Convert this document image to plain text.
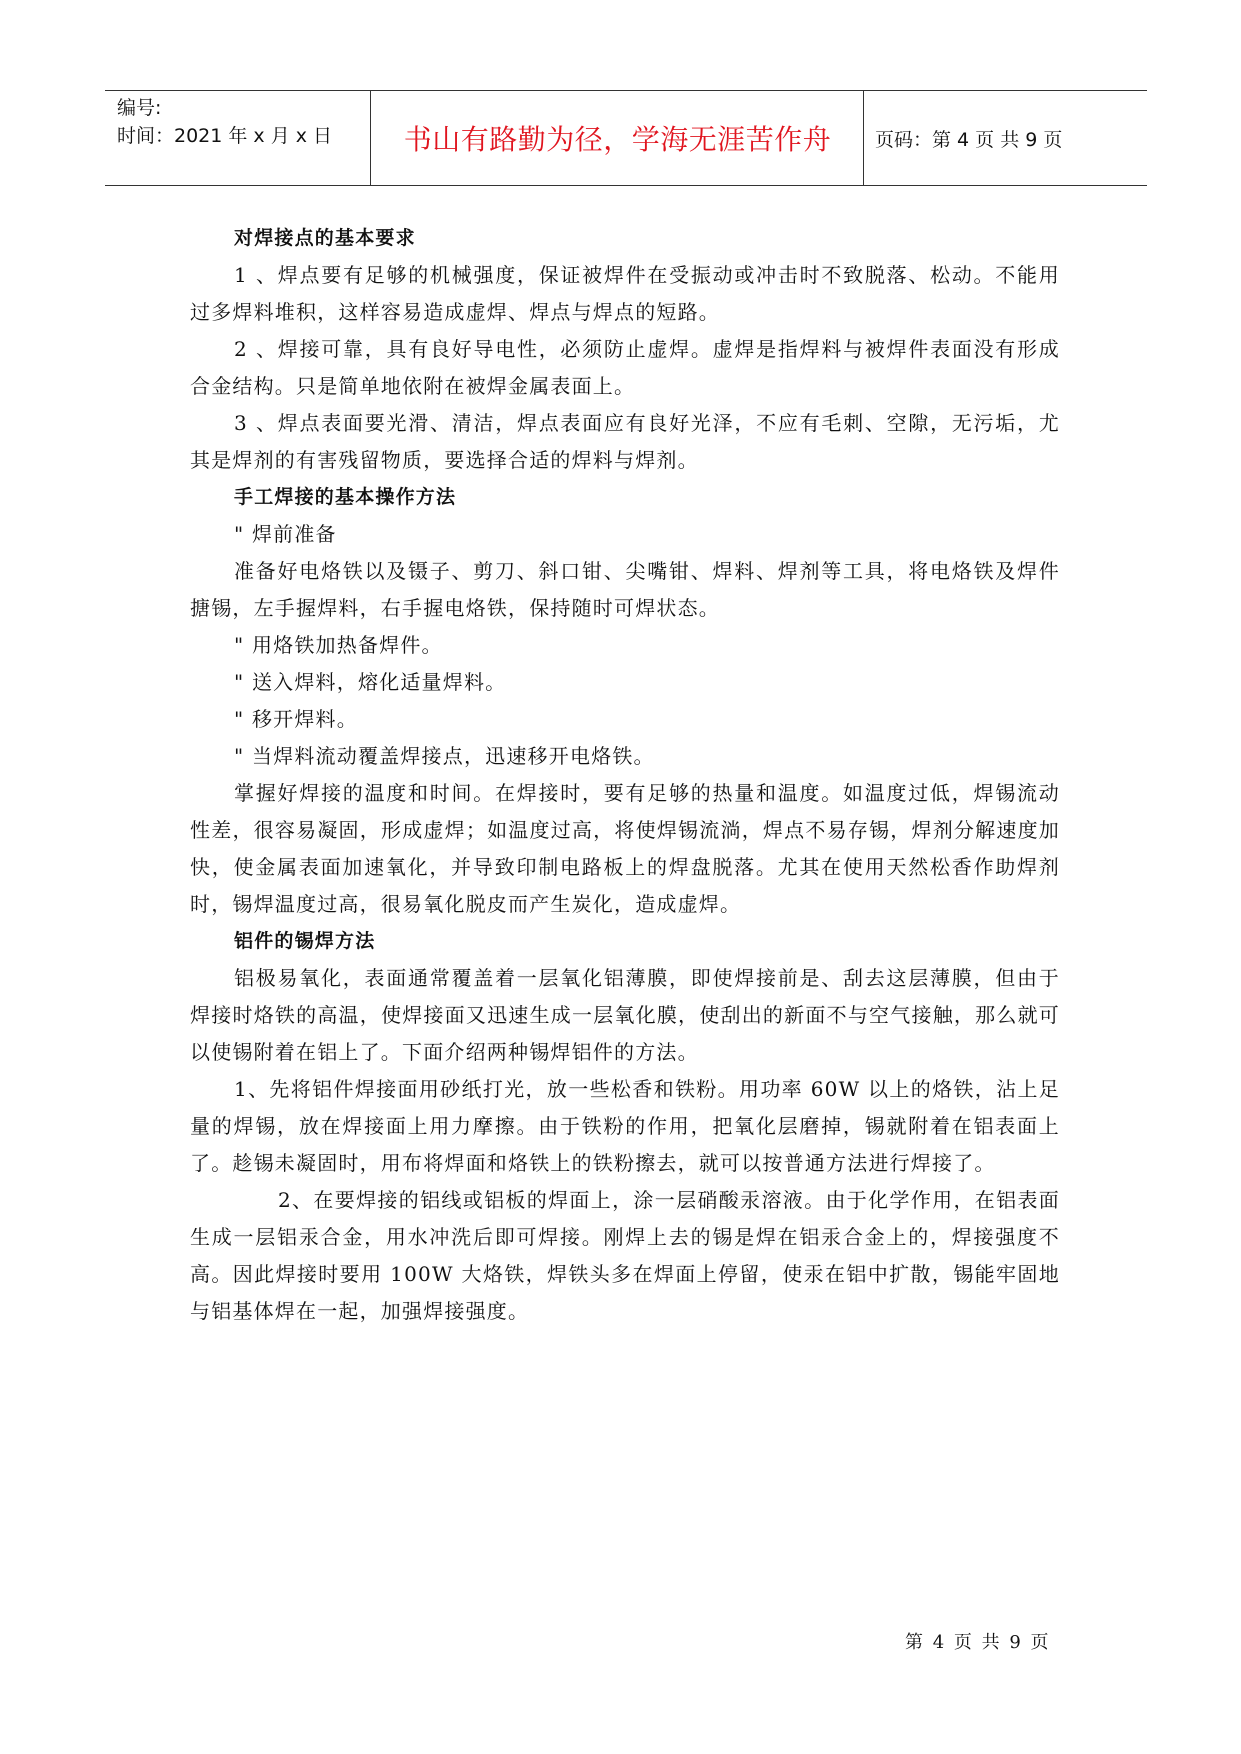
编号:
时间：2021 年 x 月 x 日	书山有路勤为径，学海无涯苦作舟	页码：第 4 页 共 9 页

对焊接点的基本要求

1 、焊点要有足够的机械强度，保证被焊件在受振动或冲击时不致脱落、松动。不能用过多焊料堆积，这样容易造成虚焊、焊点与焊点的短路。

2 、焊接可靠，具有良好导电性，必须防止虚焊。虚焊是指焊料与被焊件表面没有形成合金结构。只是简单地依附在被焊金属表面上。

3 、焊点表面要光滑、清洁，焊点表面应有良好光泽，不应有毛刺、空隙，无污垢，尤其是焊剂的有害残留物质，要选择合适的焊料与焊剂。

手工焊接的基本操作方法

" 焊前准备

准备好电烙铁以及镊子、剪刀、斜口钳、尖嘴钳、焊料、焊剂等工具，将电烙铁及焊件搪锡，左手握焊料，右手握电烙铁，保持随时可焊状态。

" 用烙铁加热备焊件。

" 送入焊料，熔化适量焊料。

" 移开焊料。

" 当焊料流动覆盖焊接点，迅速移开电烙铁。

掌握好焊接的温度和时间。在焊接时，要有足够的热量和温度。如温度过低，焊锡流动性差，很容易凝固，形成虚焊；如温度过高，将使焊锡流淌，焊点不易存锡，焊剂分解速度加快，使金属表面加速氧化，并导致印制电路板上的焊盘脱落。尤其在使用天然松香作助焊剂时，锡焊温度过高，很易氧化脱皮而产生炭化，造成虚焊。

铝件的锡焊方法

铝极易氧化，表面通常覆盖着一层氧化铝薄膜，即使焊接前是、刮去这层薄膜，但由于焊接时烙铁的高温，使焊接面又迅速生成一层氧化膜，使刮出的新面不与空气接触，那么就可以使锡附着在铝上了。下面介绍两种锡焊铝件的方法。

1、先将铝件焊接面用砂纸打光，放一些松香和铁粉。用功率 60W 以上的烙铁，沾上足量的焊锡，放在焊接面上用力摩擦。由于铁粉的作用，把氧化层磨掉，锡就附着在铝表面上了。趁锡未凝固时，用布将焊面和烙铁上的铁粉擦去，就可以按普通方法进行焊接了。

2、在要焊接的铝线或铝板的焊面上，涂一层硝酸汞溶液。由于化学作用，在铝表面生成一层铝汞合金，用水冲洗后即可焊接。刚焊上去的锡是焊在铝汞合金上的，焊接强度不高。因此焊接时要用 100W 大烙铁，焊铁头多在焊面上停留，使汞在铝中扩散，锡能牢固地与铝基体焊在一起，加强焊接强度。

第 4 页 共 9 页
